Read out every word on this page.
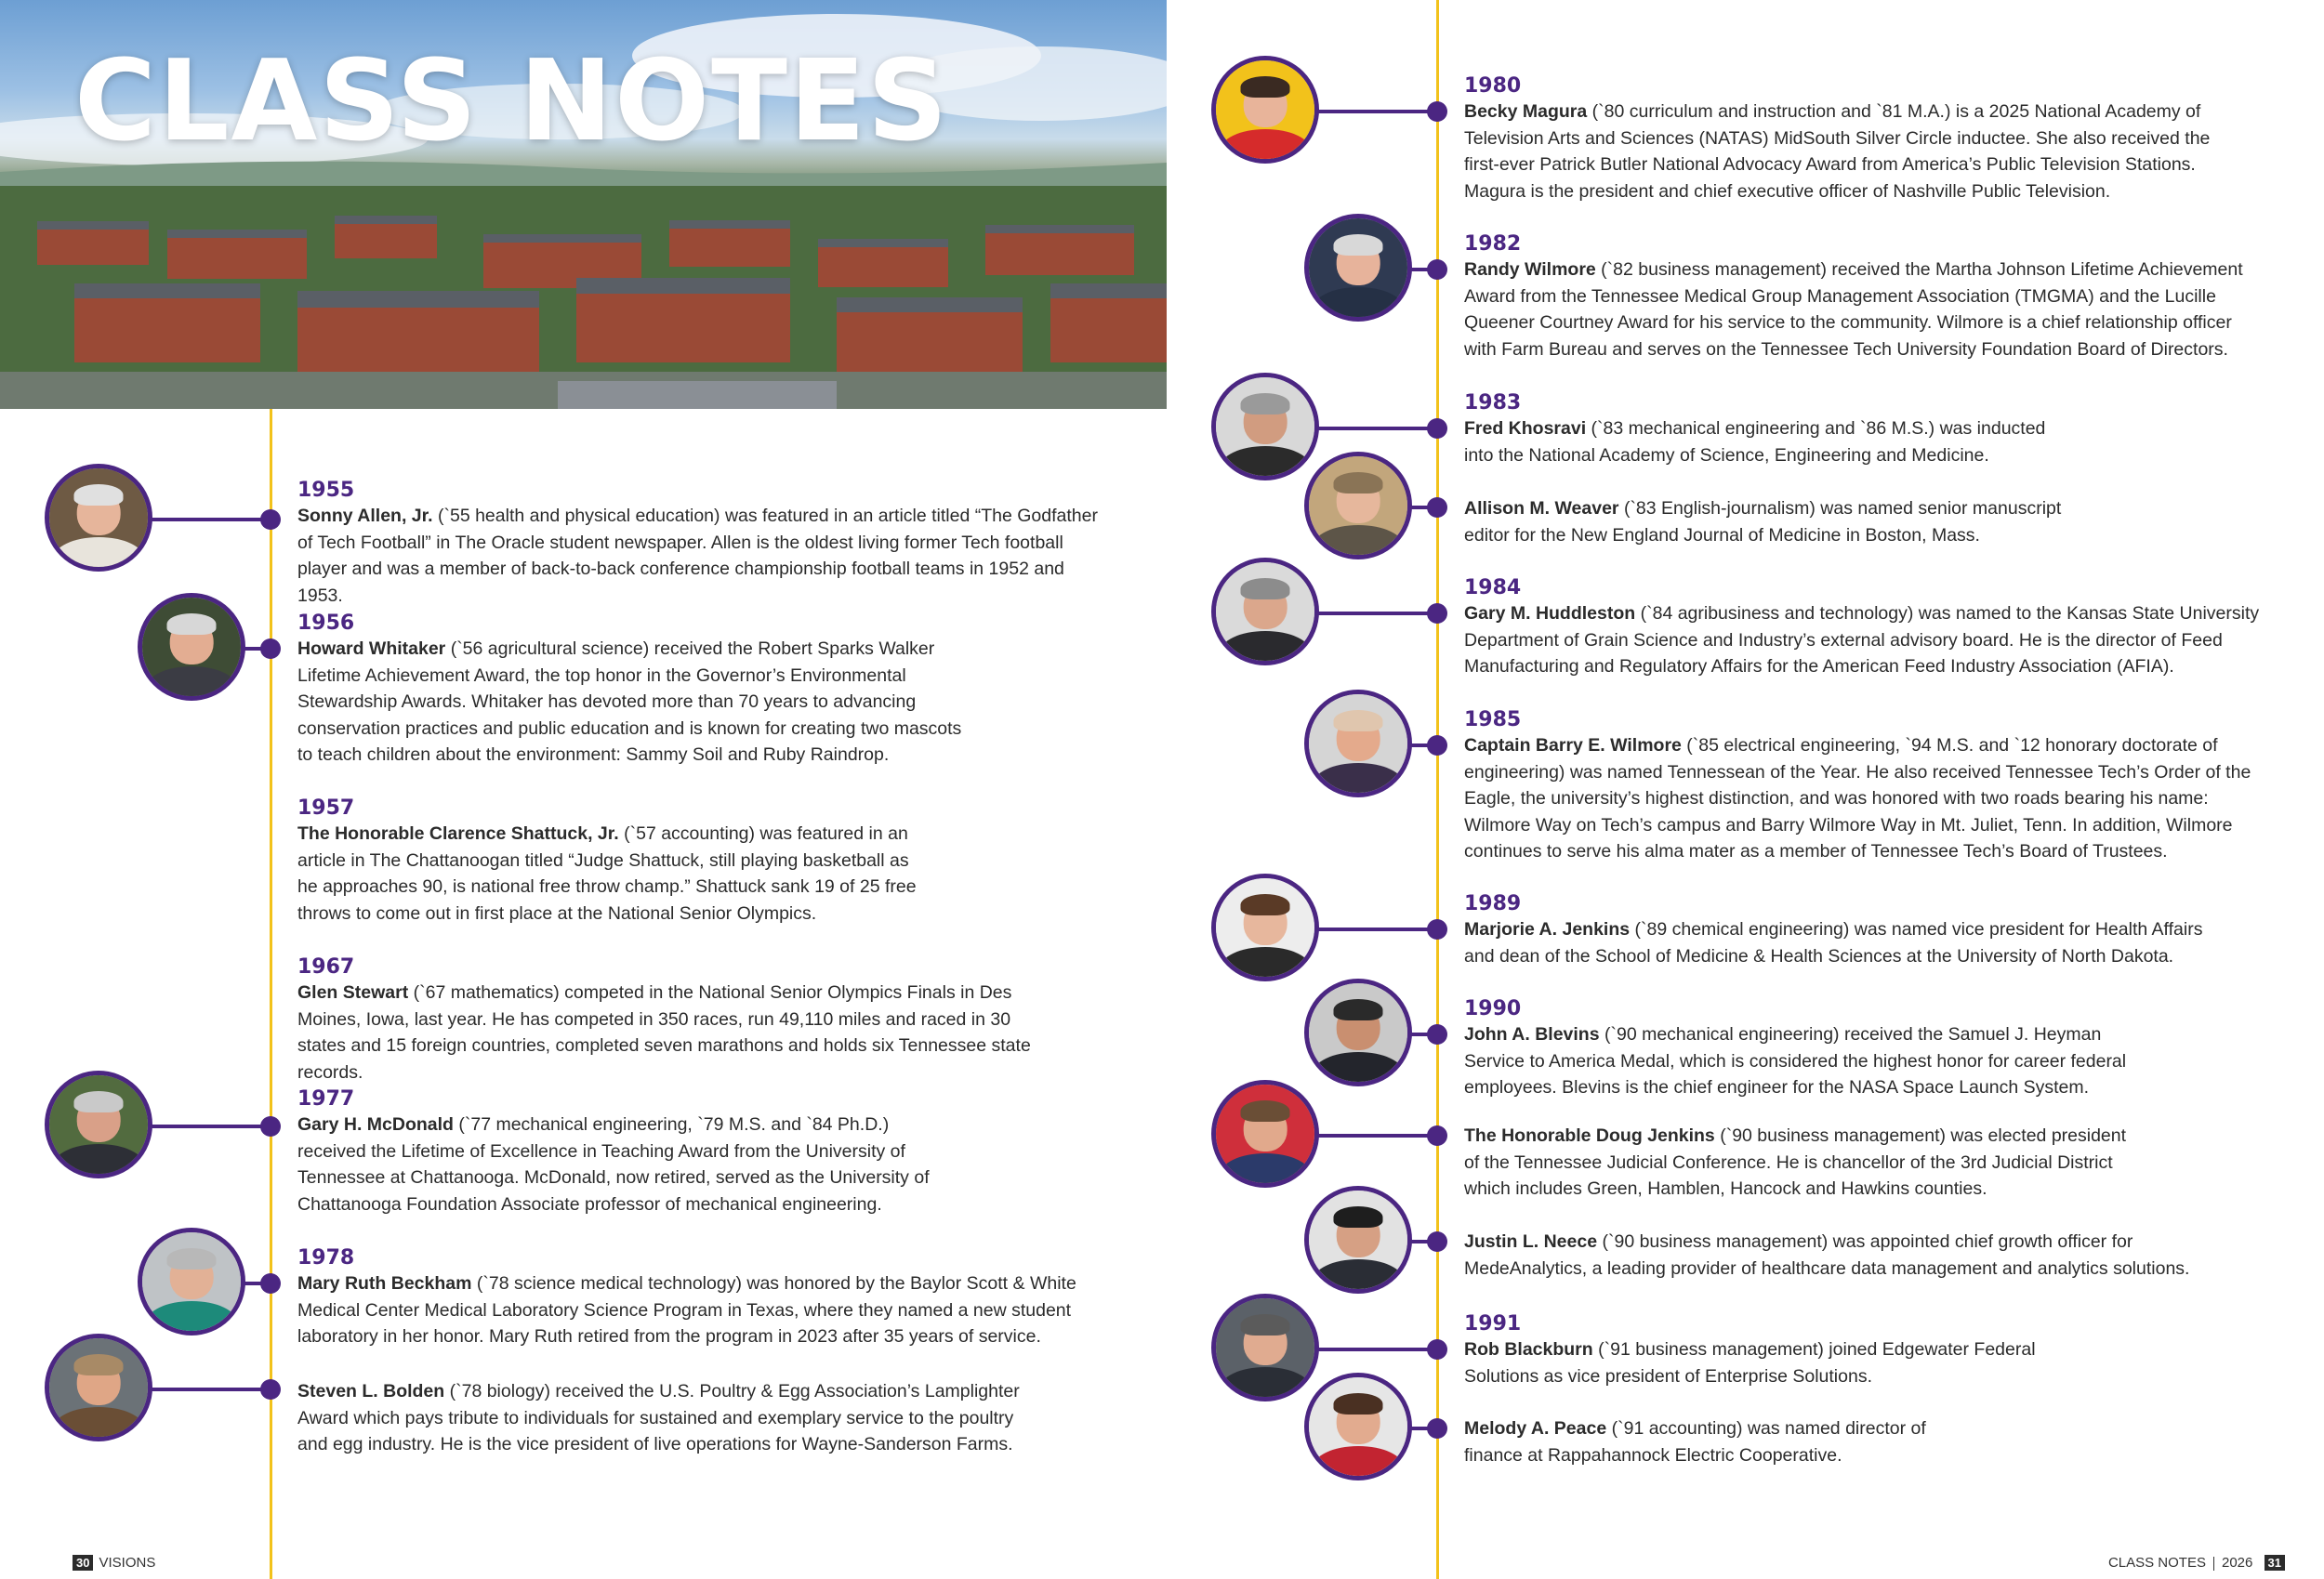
CLASS NOTES
1955
Sonny Allen, Jr. (`55 health and physical education) was featured in an article titled “The Godfather of Tech Football” in The Oracle student newspaper. Allen is the oldest living former Tech football player and was a member of back-to-back conference championship football teams in 1952 and 1953.
1956
Howard Whitaker (`56 agricultural science) received the Robert Sparks Walker Lifetime Achievement Award, the top honor in the Governor’s Environmental Stewardship Awards. Whitaker has devoted more than 70 years to advancing conservation practices and public education and is known for creating two mascots to teach children about the environment: Sammy Soil and Ruby Raindrop.
1957
The Honorable Clarence Shattuck, Jr. (`57 accounting) was featured in an article in The Chattanoogan titled “Judge Shattuck, still playing basketball as he approaches 90, is national free throw champ.” Shattuck sank 19 of 25 free throws to come out in first place at the National Senior Olympics.
1967
Glen Stewart (`67 mathematics) competed in the National Senior Olympics Finals in Des Moines, Iowa, last year. He has competed in 350 races, run 49,110 miles and raced in 30 states and 15 foreign countries, completed seven marathons and holds six Tennessee state records.
1977
Gary H. McDonald (`77 mechanical engineering, `79 M.S. and `84 Ph.D.) received the Lifetime of Excellence in Teaching Award from the University of Tennessee at Chattanooga. McDonald, now retired, served as the University of Chattanooga Foundation Associate professor of mechanical engineering.
1978
Mary Ruth Beckham (`78 science medical technology) was honored by the Baylor Scott & White Medical Center Medical Laboratory Science Program in Texas, where they named a new student laboratory in her honor. Mary Ruth retired from the program in 2023 after 35 years of service.
Steven L. Bolden (`78 biology) received the U.S. Poultry & Egg Association’s Lamplighter Award which pays tribute to individuals for sustained and exemplary service to the poultry and egg industry. He is the vice president of live operations for Wayne-Sanderson Farms.
1980
Becky Magura (`80 curriculum and instruction and `81 M.A.) is a 2025 National Academy of Television Arts and Sciences (NATAS) MidSouth Silver Circle inductee. She also received the first-ever Patrick Butler National Advocacy Award from America’s Public Television Stations. Magura is the president and chief executive officer of Nashville Public Television.
1982
Randy Wilmore (`82 business management) received the Martha Johnson Lifetime Achievement Award from the Tennessee Medical Group Management Association (TMGMA) and the Lucille Queener Courtney Award for his service to the community. Wilmore is a chief relationship officer with Farm Bureau and serves on the Tennessee Tech University Foundation Board of Directors.
1983
Fred Khosravi (`83 mechanical engineering and `86 M.S.) was inducted into the National Academy of Science, Engineering and Medicine.
Allison M. Weaver (`83 English-journalism) was named senior manuscript editor for the New England Journal of Medicine in Boston, Mass.
1984
Gary M. Huddleston (`84 agribusiness and technology) was named to the Kansas State University Department of Grain Science and Industry’s external advisory board. He is the director of Feed Manufacturing and Regulatory Affairs for the American Feed Industry Association (AFIA).
1985
Captain Barry E. Wilmore (`85 electrical engineering, `94 M.S. and `12 honorary doctorate of engineering) was named Tennessean of the Year. He also received Tennessee Tech’s Order of the Eagle, the university’s highest distinction, and was honored with two roads bearing his name: Wilmore Way on Tech’s campus and Barry Wilmore Way in Mt. Juliet, Tenn. In addition, Wilmore continues to serve his alma mater as a member of Tennessee Tech’s Board of Trustees.
1989
Marjorie A. Jenkins (`89 chemical engineering) was named vice president for Health Affairs and dean of the School of Medicine & Health Sciences at the University of North Dakota.
1990
John A. Blevins (`90 mechanical engineering) received the Samuel J. Heyman Service to America Medal, which is considered the highest honor for career federal employees. Blevins is the chief engineer for the NASA Space Launch System.
The Honorable Doug Jenkins (`90 business management) was elected president of the Tennessee Judicial Conference. He is chancellor of the 3rd Judicial District which includes Green, Hamblen, Hancock and Hawkins counties.
Justin L. Neece (`90 business management) was appointed chief growth officer for MedeAnalytics, a leading provider of healthcare data management and analytics solutions.
1991
Rob Blackburn (`91 business management) joined Edgewater Federal Solutions as vice president of Enterprise Solutions.
Melody A. Peace (`91 accounting) was named director of finance at Rappahannock Electric Cooperative.
30 VISIONS	CLASS NOTES 2026 31
